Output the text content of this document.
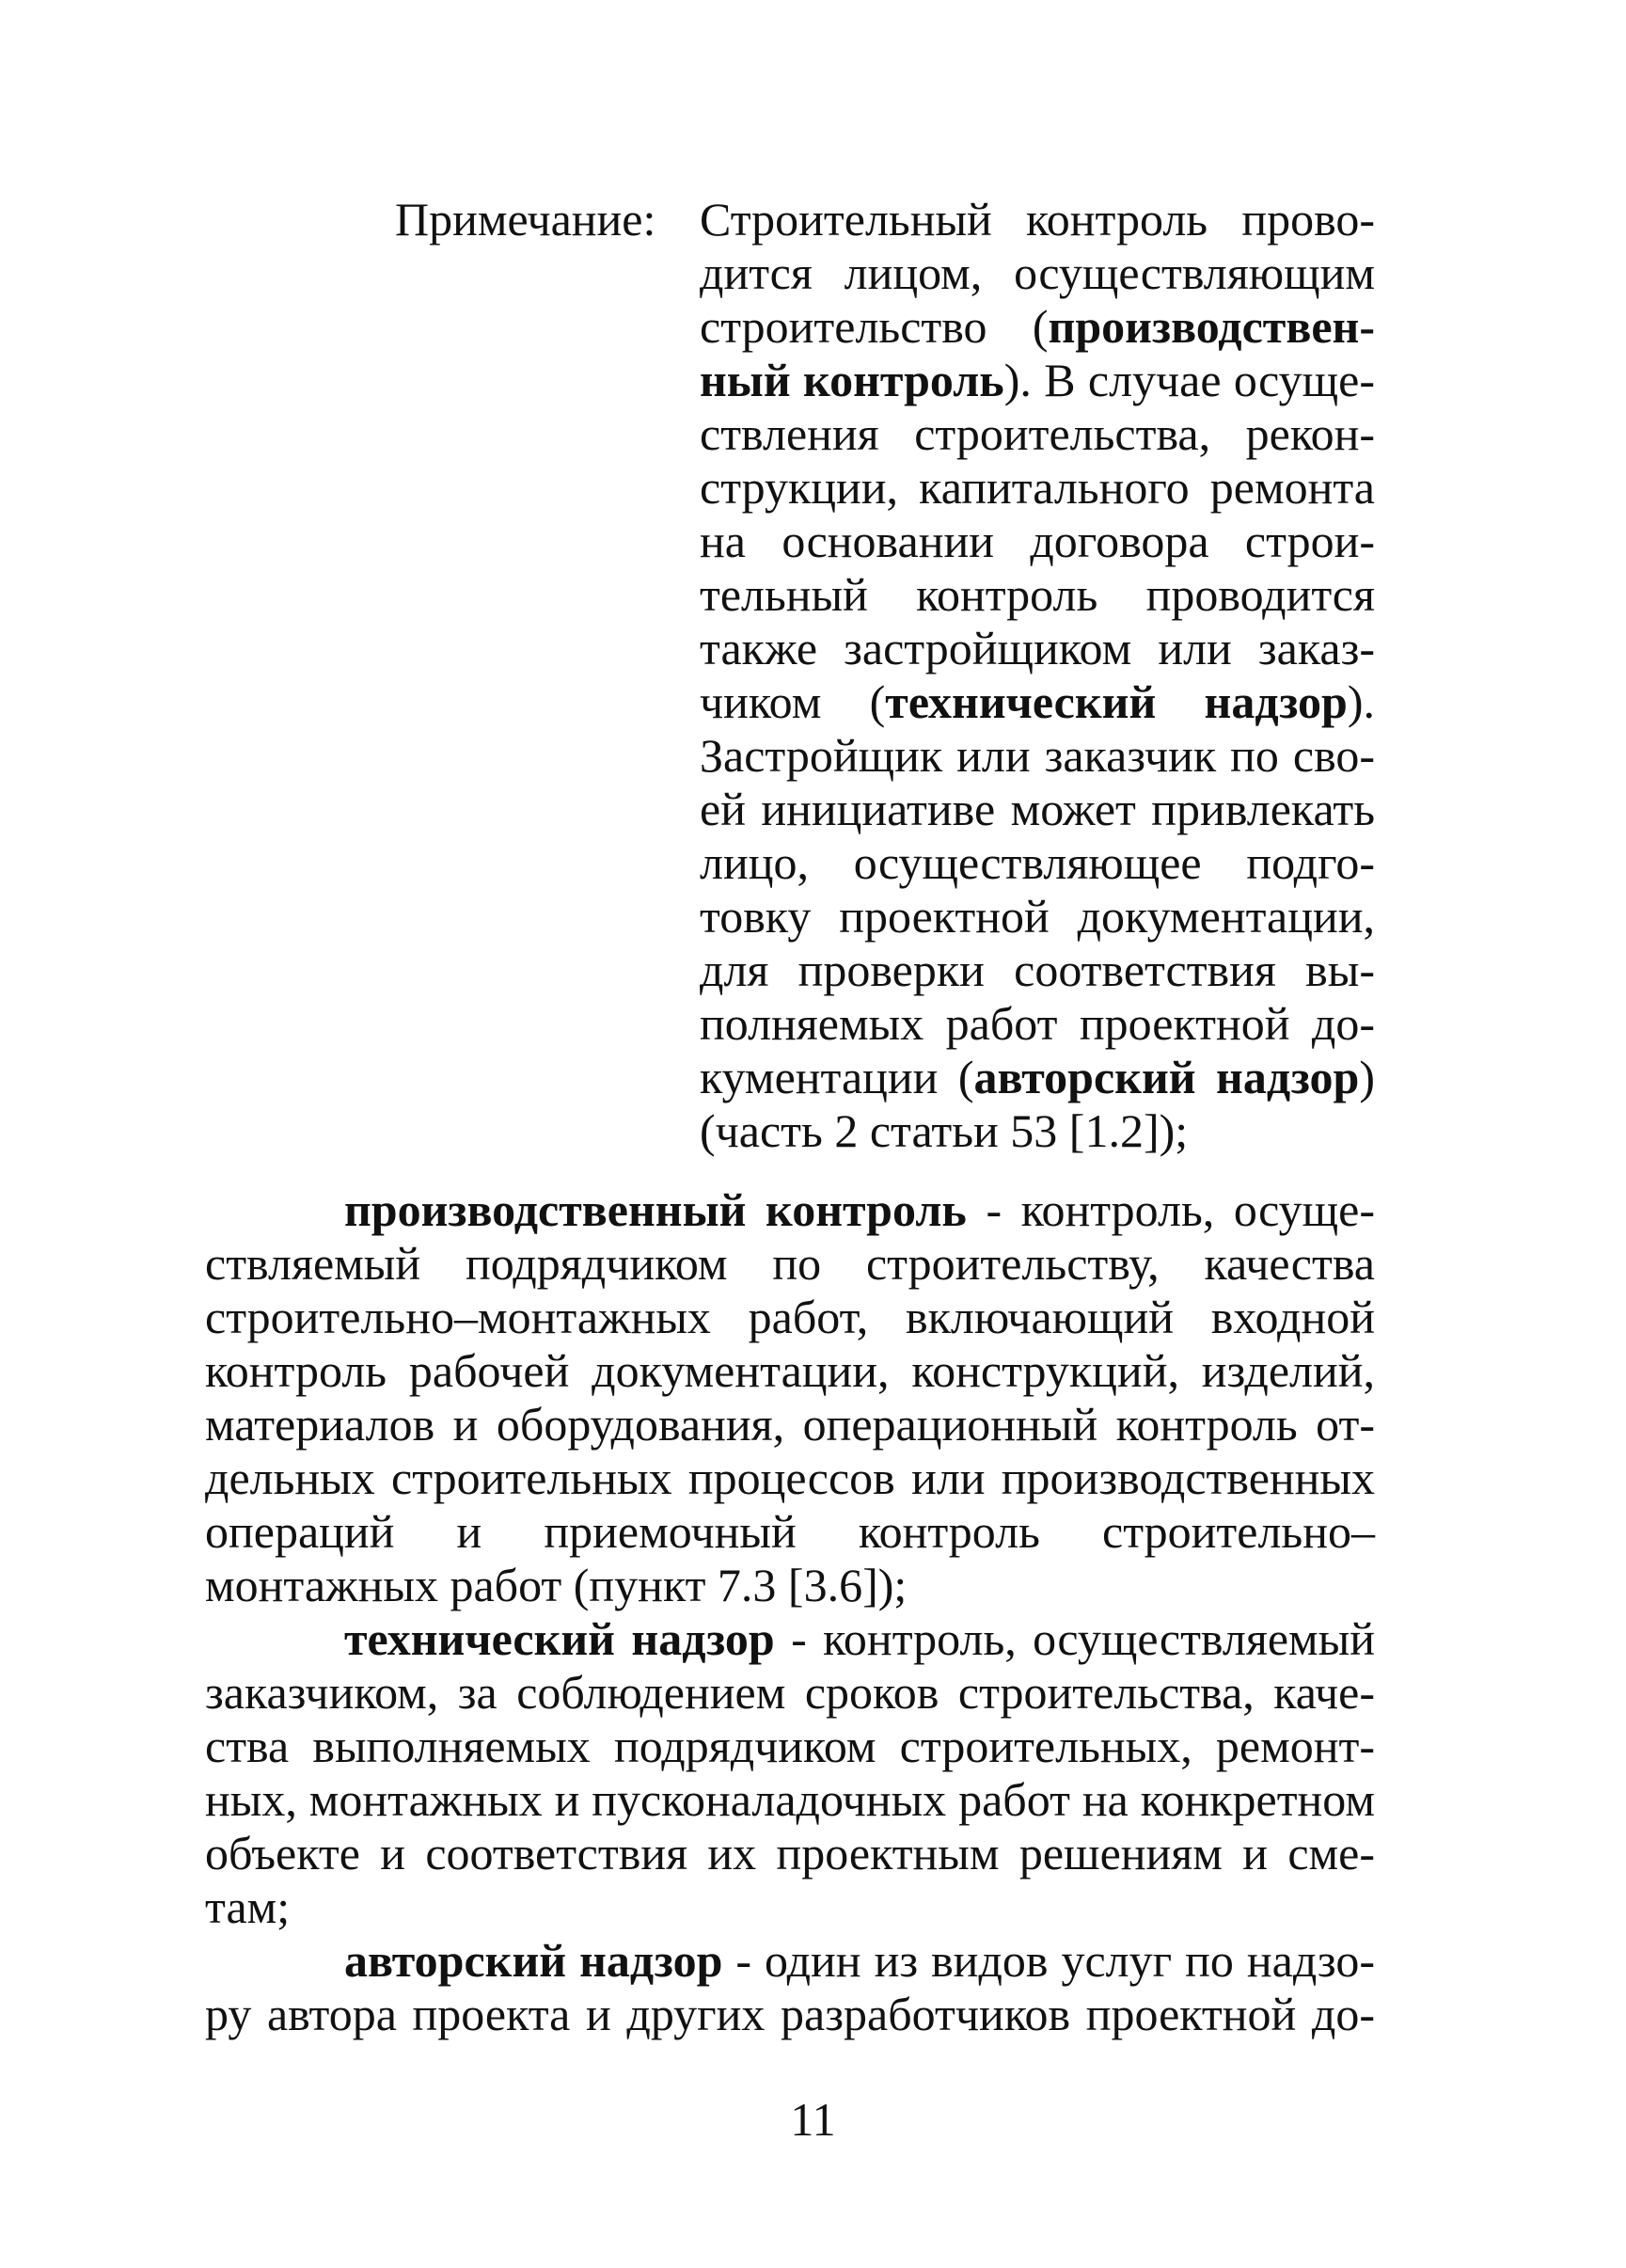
Примечание: Строительный контроль прово-
дится лицом, осуществляющим
строительство (производствен-
ный контроль). В случае осуще-
ствления строительства, рекон-
струкции, капитального ремонта
на основании договора строи-
тельный контроль проводится
также застройщиком или заказ-
чиком (технический надзор).
Застройщик или заказчик по сво-
ей инициативе может привлекать
лицо, осуществляющее подго-
товку проектной документации,
для проверки соответствия вы-
полняемых работ проектной до-
кументации (авторский надзор)
(часть 2 статьи 53 [1.2]);
производственный контроль - контроль, осуще-
ствляемый подрядчиком по строительству, качества
строительно–монтажных работ, включающий входной
контроль рабочей документации, конструкций, изделий,
материалов и оборудования, операционный контроль от-
дельных строительных процессов или производственных
операций и приемочный контроль строительно–
монтажных работ (пункт 7.3 [3.6]);
технический надзор - контроль, осуществляемый
заказчиком, за соблюдением сроков строительства, каче-
ства выполняемых подрядчиком строительных, ремонт-
ных, монтажных и пусконаладочных работ на конкретном
объекте и соответствия их проектным решениям и сме-
там;
авторский надзор - один из видов услуг по надзо-
ру автора проекта и других разработчиков проектной до-
11
